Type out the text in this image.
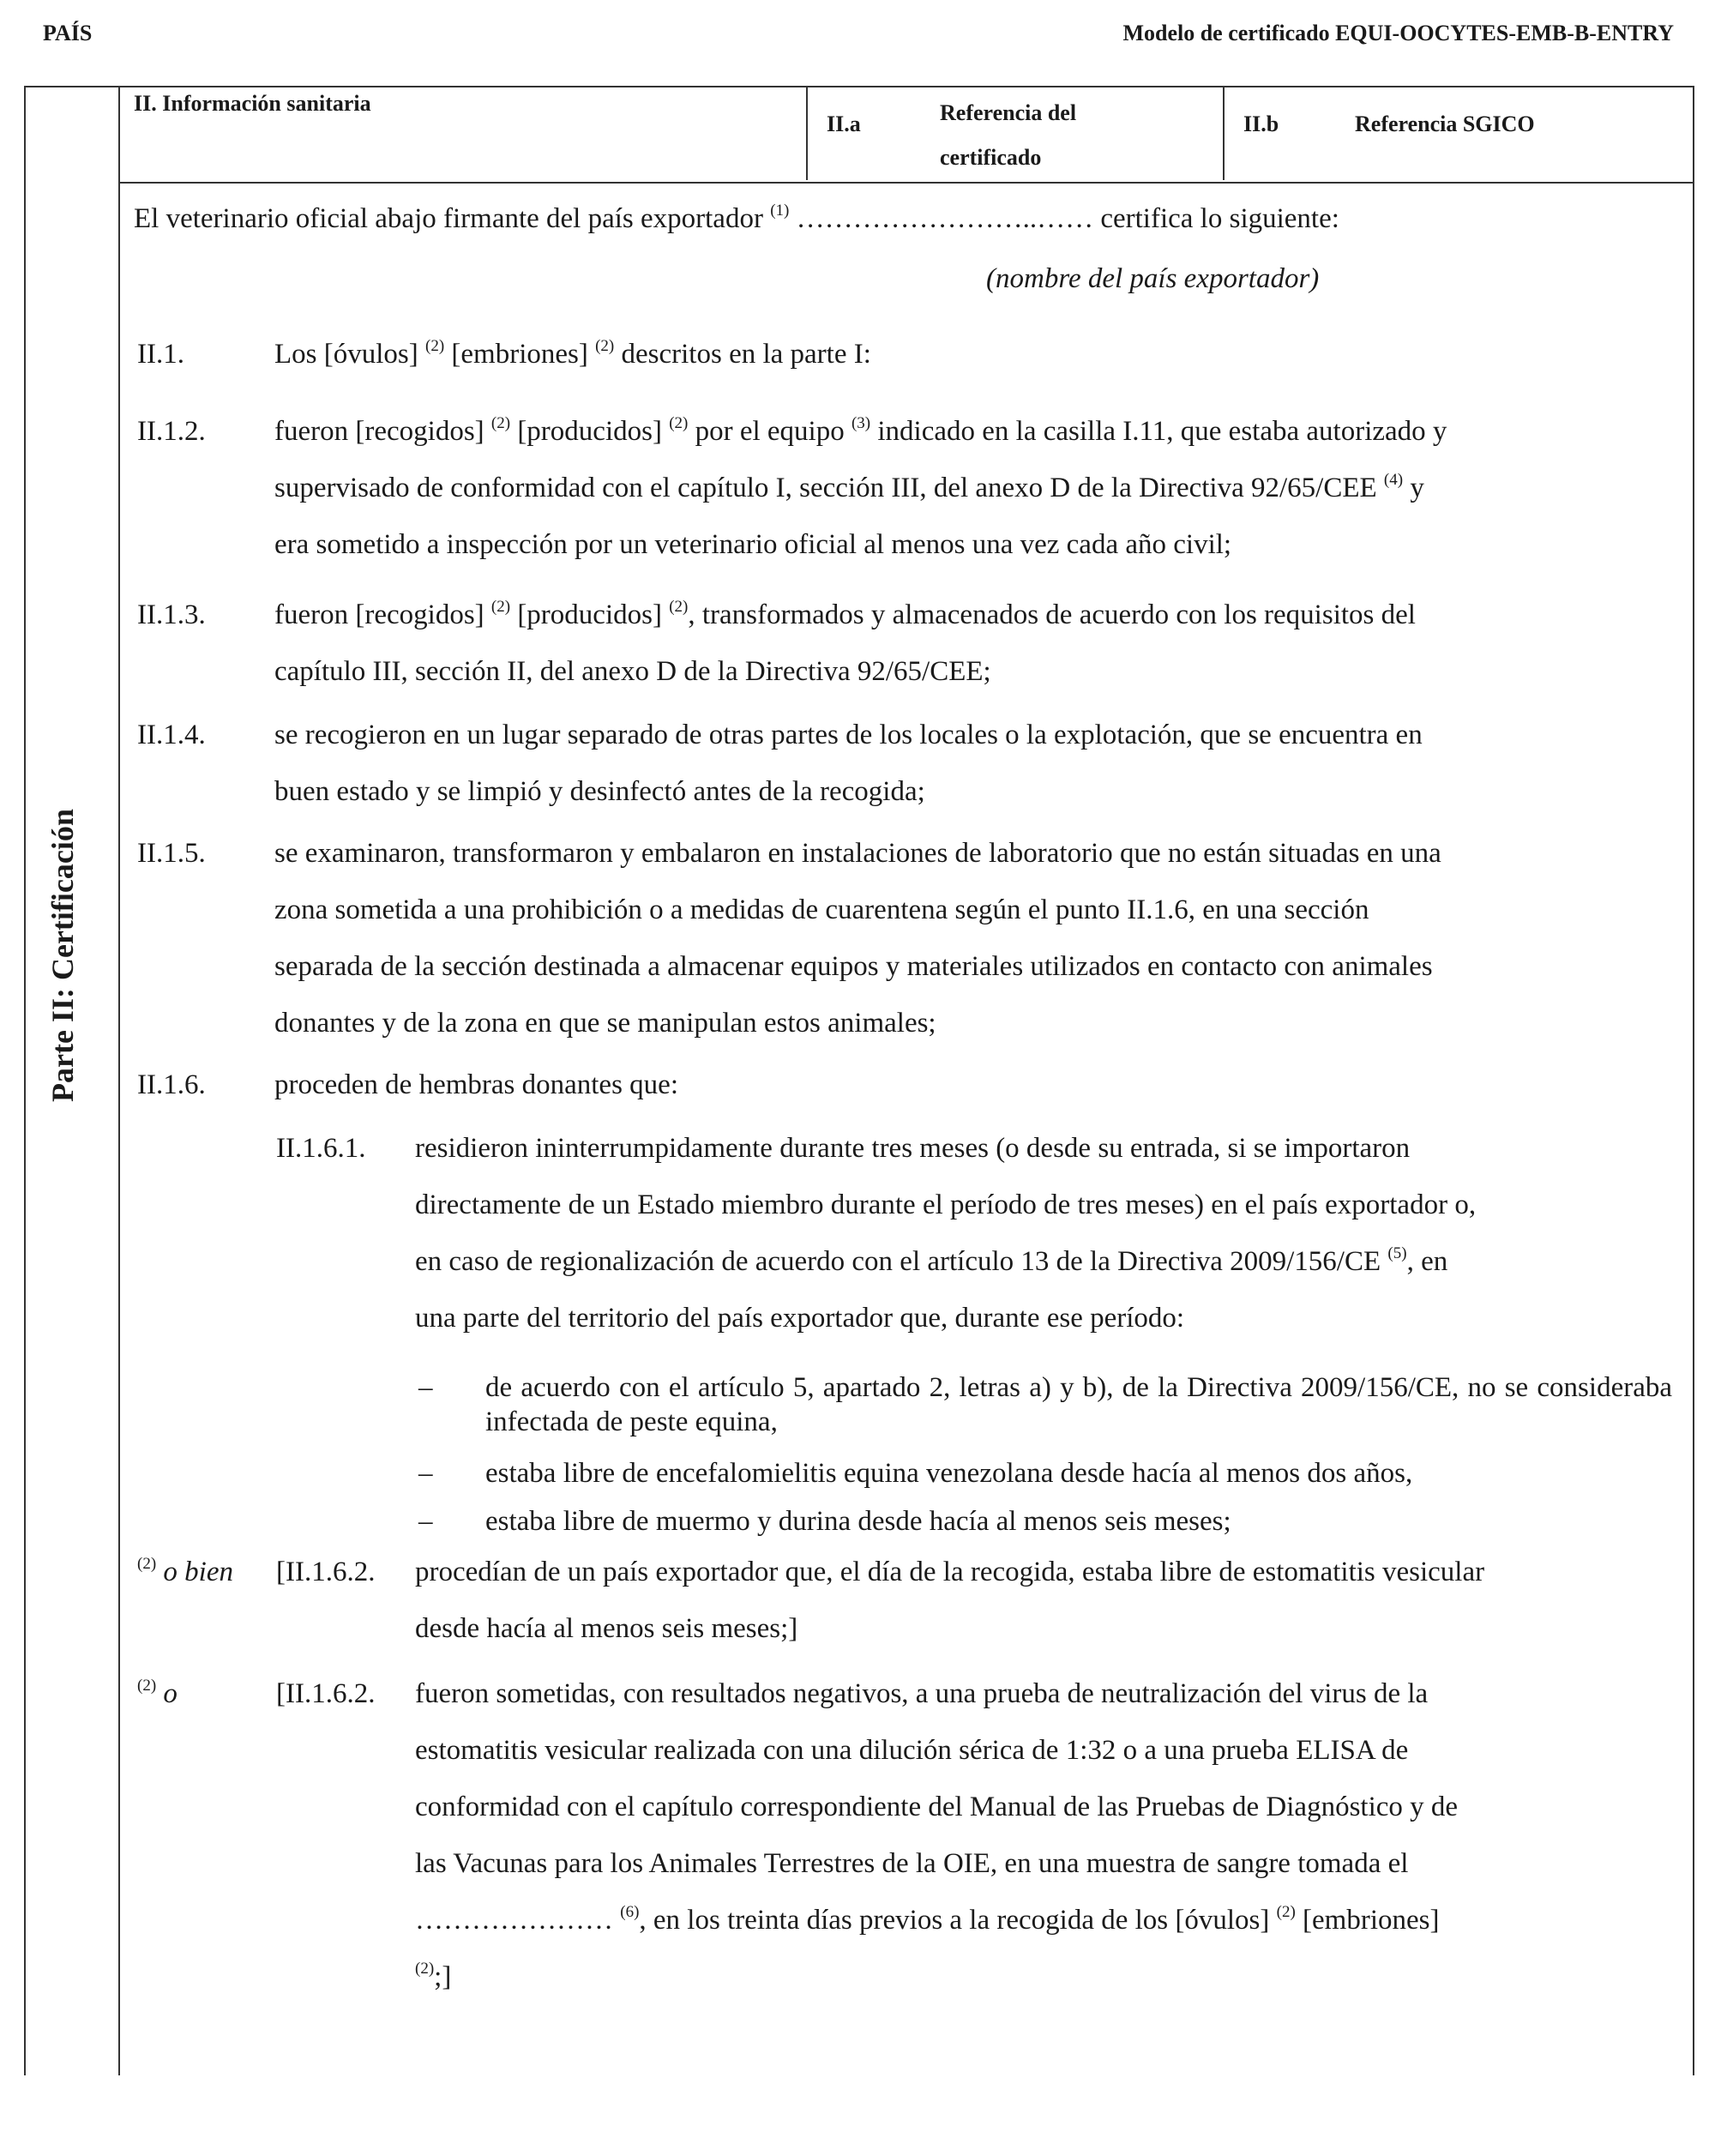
PAÍS	Modelo de certificado EQUI-OOCYTES-EMB-B-ENTRY
Parte II: Certificación
II. Información sanitaria
II.a	Referencia del certificado
II.b	Referencia SGICO
El veterinario oficial abajo firmante del país exportador $^{(1)}$ ……………………..…… certifica lo siguiente:
(nombre del país exportador)
II.1.	Los [óvulos] $^{(2)}$ [embriones] $^{(2)}$ descritos en la parte I:
II.1.2. fueron [recogidos] $^{(2)}$ [producidos] $^{(2)}$ por el equipo $^{(3)}$ indicado en la casilla I.11, que estaba autorizado y
supervisado de conformidad con el capítulo I, sección III, del anexo D de la Directiva 92/65/CEE $^{(4)}$ y
era sometido a inspección por un veterinario oficial al menos una vez cada año civil;
II.1.3. fueron [recogidos] $^{(2)}$ [producidos] $^{(2)}$, transformados y almacenados de acuerdo con los requisitos del
capítulo III, sección II, del anexo D de la Directiva 92/65/CEE;
II.1.4. se recogieron en un lugar separado de otras partes de los locales o la explotación, que se encuentra en
buen estado y se limpió y desinfectó antes de la recogida;
II.1.5. se examinaron, transformaron y embalaron en instalaciones de laboratorio que no están situadas en una
zona sometida a una prohibición o a medidas de cuarentena según el punto II.1.6, en una sección
separada de la sección destinada a almacenar equipos y materiales utilizados en contacto con animales
donantes y de la zona en que se manipulan estos animales;
II.1.6. proceden de hembras donantes que:
II.1.6.1. residieron ininterrumpidamente durante tres meses (o desde su entrada, si se importaron
directamente de un Estado miembro durante el período de tres meses) en el país exportador o,
en caso de regionalización de acuerdo con el artículo 13 de la Directiva 2009/156/CE $^{(5)}$, en
una parte del territorio del país exportador que, durante ese período:
– de acuerdo con el artículo 5, apartado 2, letras a) y b), de la Directiva 2009/156/CE, no se consideraba infectada de peste equina,
– estaba libre de encefalomielitis equina venezolana desde hacía al menos dos años,
– estaba libre de muermo y durina desde hacía al menos seis meses;
$^{(2)}$ o bien [II.1.6.2. procedían de un país exportador que, el día de la recogida, estaba libre de estomatitis vesicular
desde hacía al menos seis meses;]
$^{(2)}$ o	[II.1.6.2. fueron sometidas, con resultados negativos, a una prueba de neutralización del virus de la
estomatitis vesicular realizada con una dilución sérica de 1:32 o a una prueba ELISA de
conformidad con el capítulo correspondiente del Manual de las Pruebas de Diagnóstico y de
las Vacunas para los Animales Terrestres de la OIE, en una muestra de sangre tomada el
………………… $^{(6)}$, en los treinta días previos a la recogida de los [óvulos] $^{(2)}$ [embriones]
$^{(2)}$;]
